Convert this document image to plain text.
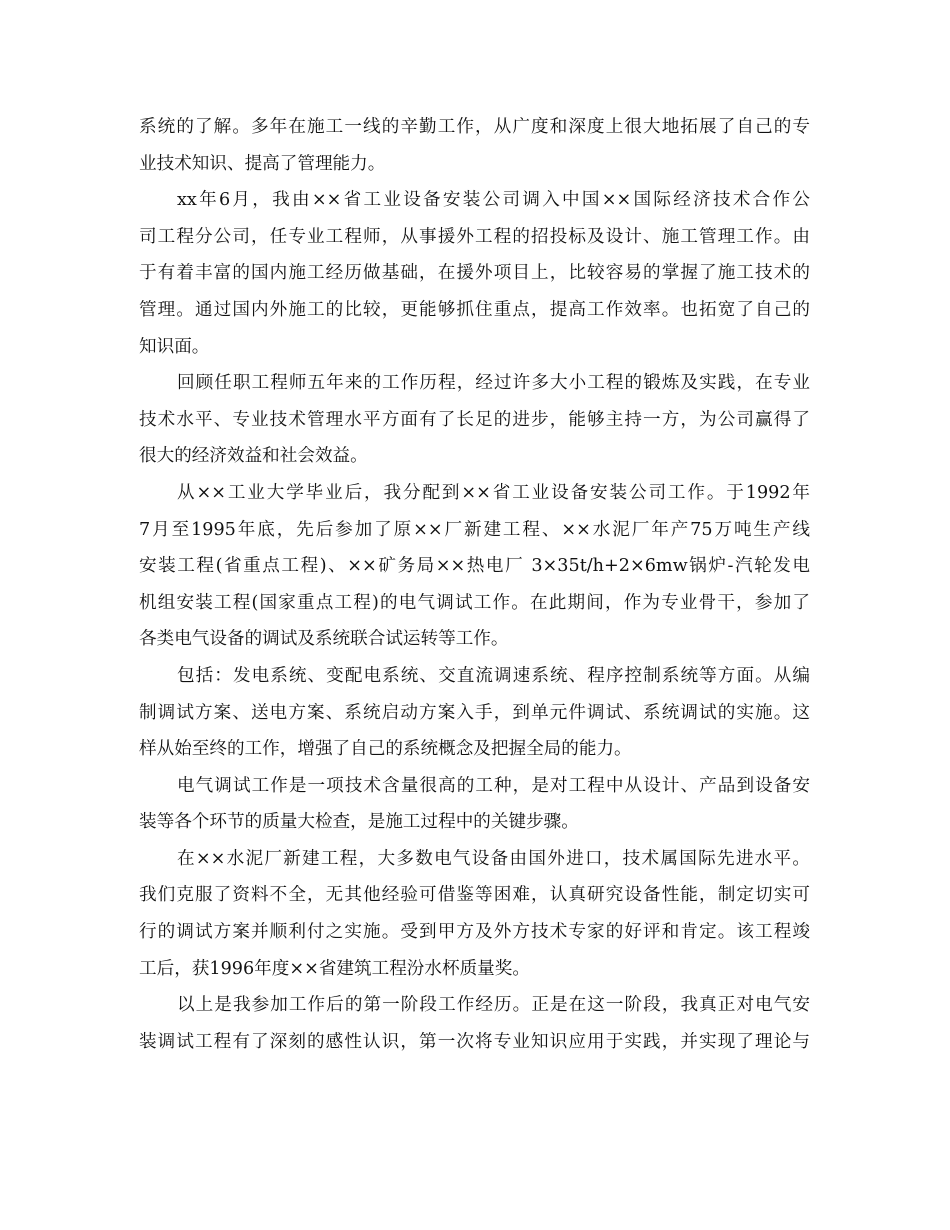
系统的了解。多年在施工一线的辛勤工作，从广度和深度上很大地拓展了自己的专
业技术知识、提高了管理能力。
xx年6月，我由××省工业设备安装公司调入中国××国际经济技术合作公
司工程分公司，任专业工程师，从事援外工程的招投标及设计、施工管理工作。由
于有着丰富的国内施工经历做基础，在援外项目上，比较容易的掌握了施工技术的
管理。通过国内外施工的比较，更能够抓住重点，提高工作效率。也拓宽了自己的
知识面。
回顾任职工程师五年来的工作历程，经过许多大小工程的锻炼及实践，在专业
技术水平、专业技术管理水平方面有了长足的进步，能够主持一方，为公司赢得了
很大的经济效益和社会效益。
从××工业大学毕业后，我分配到××省工业设备安装公司工作。于1992年
7月至1995年底，先后参加了原××厂新建工程、××水泥厂年产75万吨生产线
安装工程(省重点工程)、××矿务局××热电厂 3×35t/h+2×6mw锅炉-汽轮发电
机组安装工程(国家重点工程)的电气调试工作。在此期间，作为专业骨干，参加了
各类电气设备的调试及系统联合试运转等工作。
包括：发电系统、变配电系统、交直流调速系统、程序控制系统等方面。从编
制调试方案、送电方案、系统启动方案入手，到单元件调试、系统调试的实施。这
样从始至终的工作，增强了自己的系统概念及把握全局的能力。
电气调试工作是一项技术含量很高的工种，是对工程中从设计、产品到设备安
装等各个环节的质量大检查，是施工过程中的关键步骤。
在××水泥厂新建工程，大多数电气设备由国外进口，技术属国际先进水平。
我们克服了资料不全，无其他经验可借鉴等困难，认真研究设备性能，制定切实可
行的调试方案并顺利付之实施。受到甲方及外方技术专家的好评和肯定。该工程竣
工后，获1996年度××省建筑工程汾水杯质量奖。
以上是我参加工作后的第一阶段工作经历。正是在这一阶段，我真正对电气安
装调试工程有了深刻的感性认识，第一次将专业知识应用于实践，并实现了理论与
